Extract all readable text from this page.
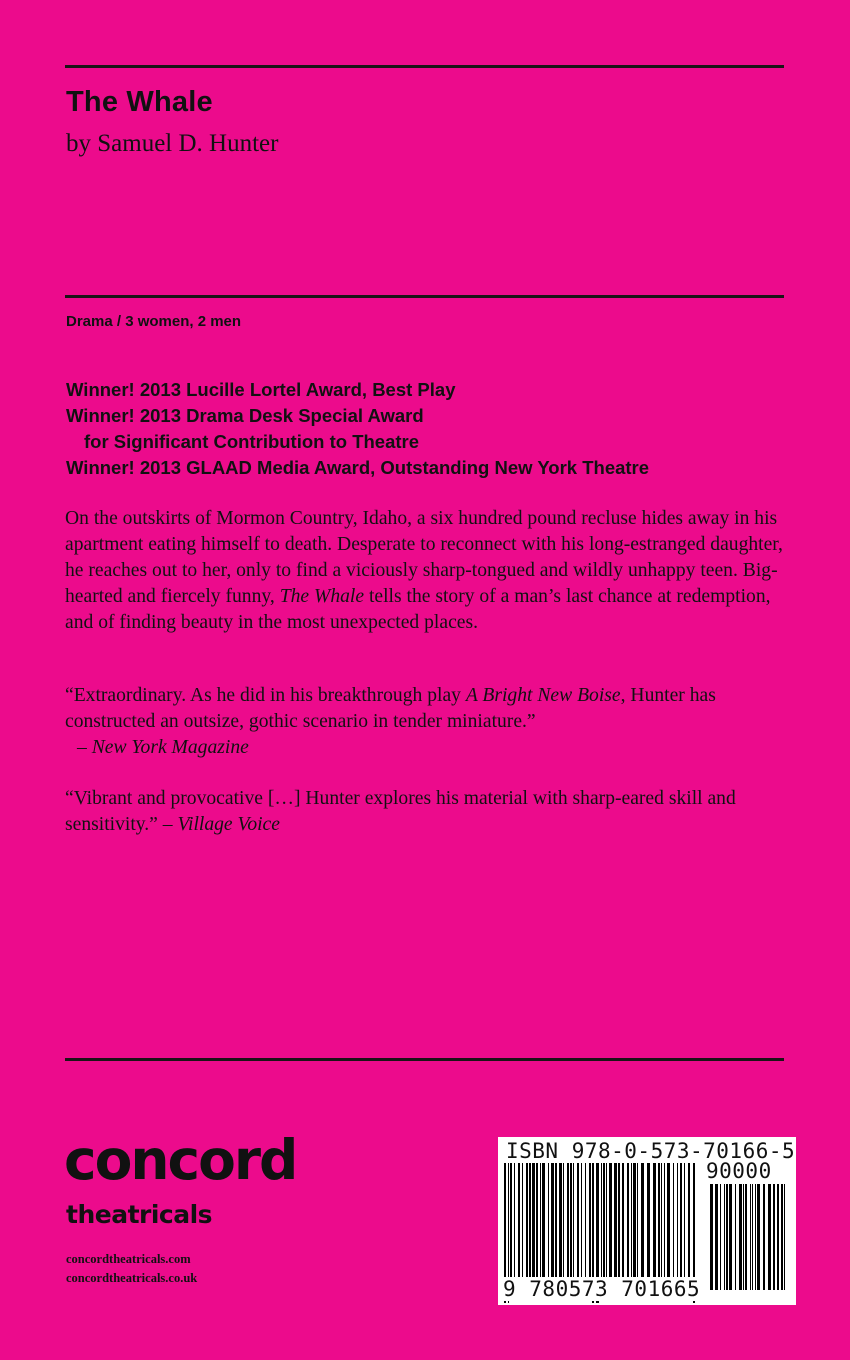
The Whale
by Samuel D. Hunter
Drama / 3 women, 2 men
Winner! 2013 Lucille Lortel Award, Best Play
Winner! 2013 Drama Desk Special Award
for Significant Contribution to Theatre
Winner! 2013 GLAAD Media Award, Outstanding New York Theatre

On the outskirts of Mormon Country, Idaho, a six hundred pound recluse hides away in his apartment eating himself to death. Desperate to reconnect with his long-estranged daughter, he reaches out to her, only to find a viciously sharp-tongued and wildly unhappy teen. Big-hearted and fiercely funny, The Whale tells the story of a man’s last chance at redemption, and of finding beauty in the most unexpected places.

“Extraordinary. As he did in his breakthrough play A Bright New Boise, Hunter has constructed an outsize, gothic scenario in tender miniature.”
– New York Magazine

“Vibrant and provocative […] Hunter explores his material with sharp-eared skill and sensitivity.” – Village Voice

concord
theatricals
concordtheatricals.com
concordtheatricals.co.uk
ISBN 978-0-573-70166-5
90000
9 780573 701665
